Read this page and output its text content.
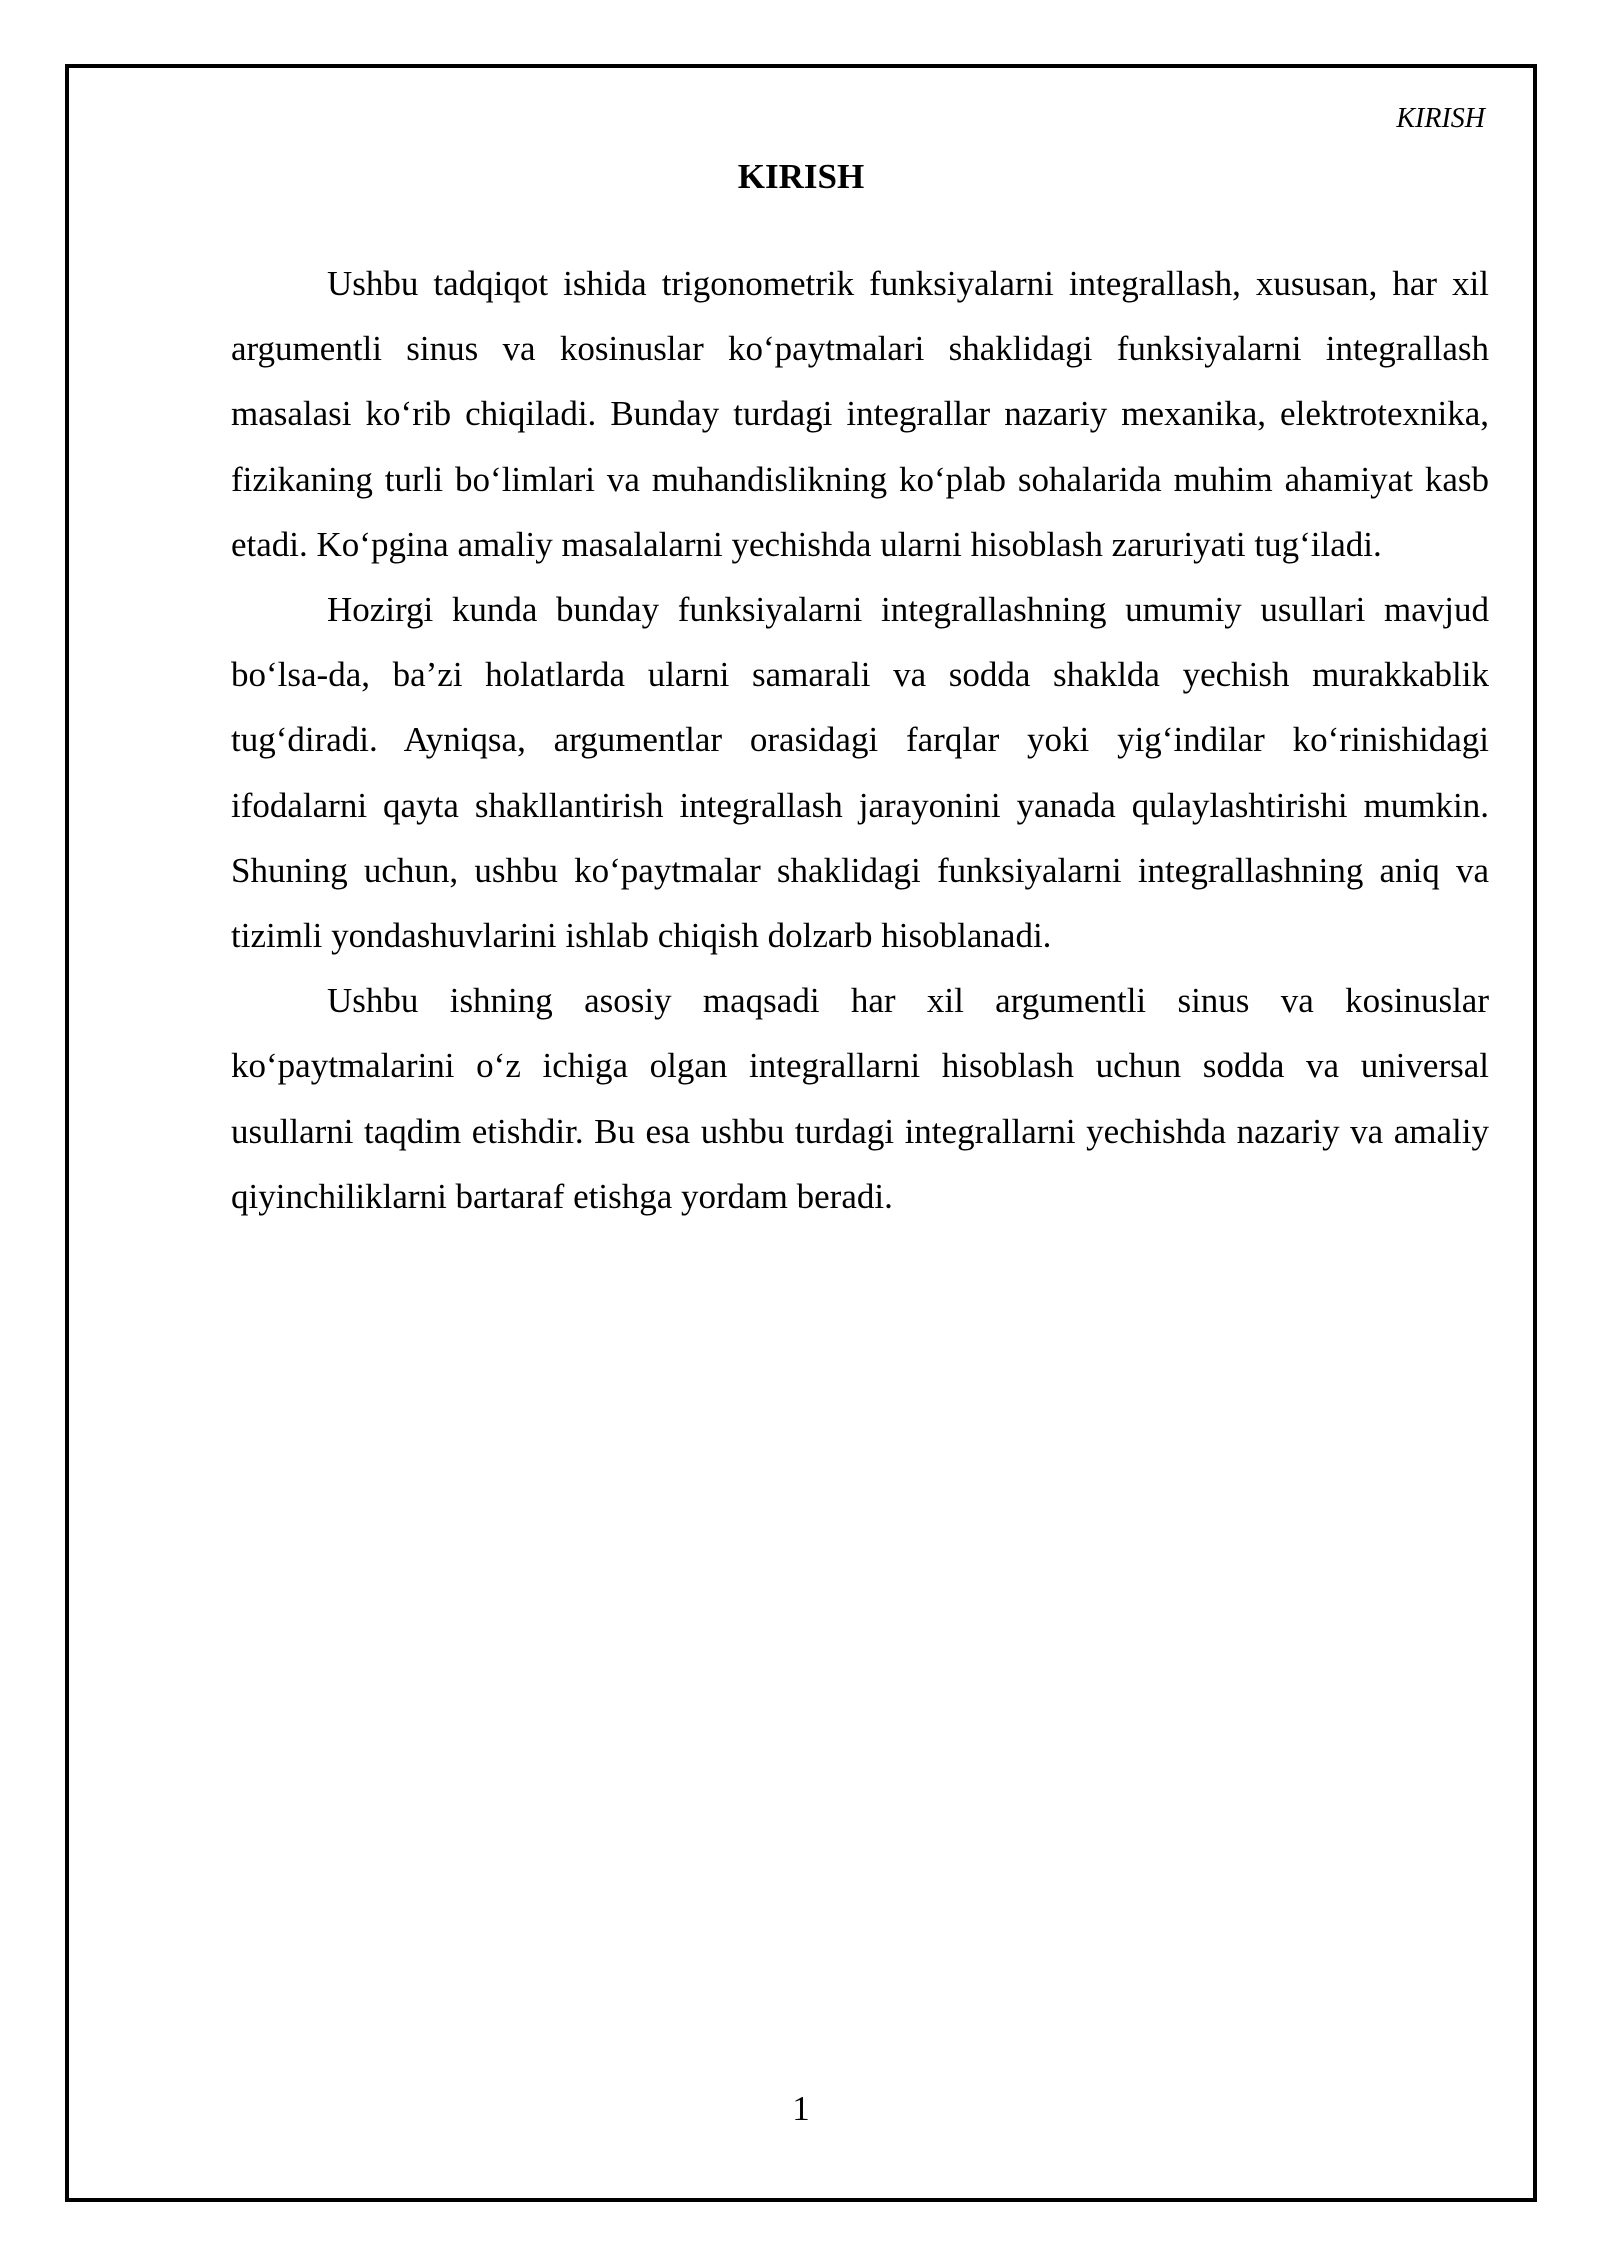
KIRISH
KIRISH

Ushbu tadqiqot ishida trigonometrik funksiyalarni integrallash, xususan, har xil argumentli sinus va kosinuslar ko‘paytmalari shaklidagi funksiyalarni integrallash masalasi ko‘rib chiqiladi. Bunday turdagi integrallar nazariy mexanika, elektrotexnika, fizikaning turli bo‘limlari va muhandislikning ko‘plab sohalarida muhim ahamiyat kasb etadi. Ko‘pgina amaliy masalalarni yechishda ularni hisoblash zaruriyati tug‘iladi.

Hozirgi kunda bunday funksiyalarni integrallashning umumiy usullari mavjud bo‘lsa-da, ba’zi holatlarda ularni samarali va sodda shaklda yechish murakkablik tug‘diradi. Ayniqsa, argumentlar orasidagi farqlar yoki yig‘indilar ko‘rinishidagi ifodalarni qayta shakllantirish integrallash jarayonini yanada qulaylashtirishi mumkin. Shuning uchun, ushbu ko‘paytmalar shaklidagi funksiyalarni integrallashning aniq va tizimli yondashuvlarini ishlab chiqish dolzarb hisoblanadi.

Ushbu ishning asosiy maqsadi har xil argumentli sinus va kosinuslar ko‘paytmalarini o‘z ichiga olgan integrallarni hisoblash uchun sodda va universal usullarni taqdim etishdir. Bu esa ushbu turdagi integrallarni yechishda nazariy va amaliy qiyinchiliklarni bartaraf etishga yordam beradi.

1
